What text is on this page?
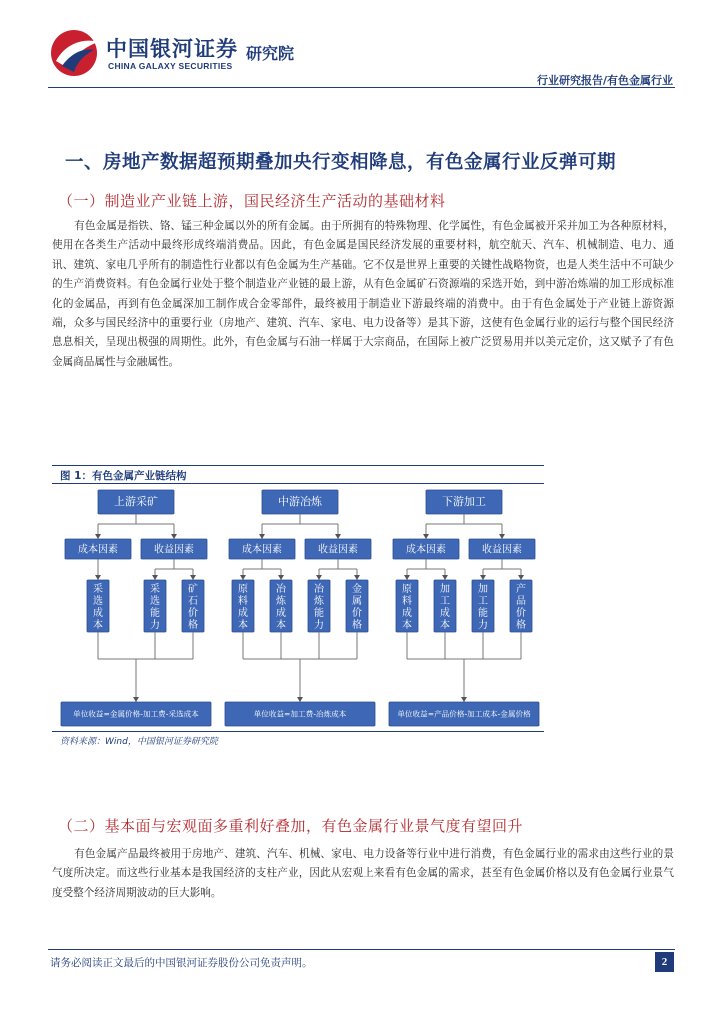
中国银河证券
CHINA GALAXY SECURITIES
研究院
行业研究报告/有色金属行业
一、房地产数据超预期叠加央行变相降息，有色金属行业反弹可期
（一）制造业产业链上游，国民经济生产活动的基础材料
有色金属是指铁、铬、锰三种金属以外的所有金属。由于所拥有的特殊物理、化学属性，有色金属被开采并加工为各种原材料，使用在各类生产活动中最终形成终端消费品。因此，有色金属是国民经济发展的重要材料，航空航天、汽车、机械制造、电力、通讯、建筑、家电几乎所有的制造性行业都以有色金属为生产基础。它不仅是世界上重要的关键性战略物资，也是人类生活中不可缺少的生产消费资料。有色金属行业处于整个制造业产业链的最上游，从有色金属矿石资源端的采选开始，到中游冶炼端的加工形成标准化的金属品，再到有色金属深加工制作成合金零部件，最终被用于制造业下游最终端的消费中。由于有色金属处于产业链上游资源端，众多与国民经济中的重要行业（房地产、建筑、汽车、家电、电力设备等）是其下游，这使有色金属行业的运行与整个国民经济息息相关，呈现出极强的周期性。此外，有色金属与石油一样属于大宗商品，在国际上被广泛贸易用并以美元定价，这又赋予了有色金属商品属性与金融属性。
图 1：有色金属产业链结构
上游采矿
成本因素	收益因素
采选成本
采选能力
矿石价格
单位收益=金属价格-加工费-采选成本
中游冶炼
成本因素	收益因素
原料成本
冶炼成本
冶炼能力
金属价格
单位收益=加工费-冶炼成本
下游加工
成本因素	收益因素
原料成本
加工成本
加工能力
产品价格
单位收益=产品价格-加工成本-金属价格
资料来源：Wind，中国银河证券研究院
（二）基本面与宏观面多重利好叠加，有色金属行业景气度有望回升
有色金属产品最终被用于房地产、建筑、汽车、机械、家电、电力设备等行业中进行消费，有色金属行业的需求由这些行业的景气度所决定。而这些行业基本是我国经济的支柱产业，因此从宏观上来看有色金属的需求，甚至有色金属价格以及有色金属行业景气度受整个经济周期波动的巨大影响。
请务必阅读正文最后的中国银河证券股份公司免责声明。	2
